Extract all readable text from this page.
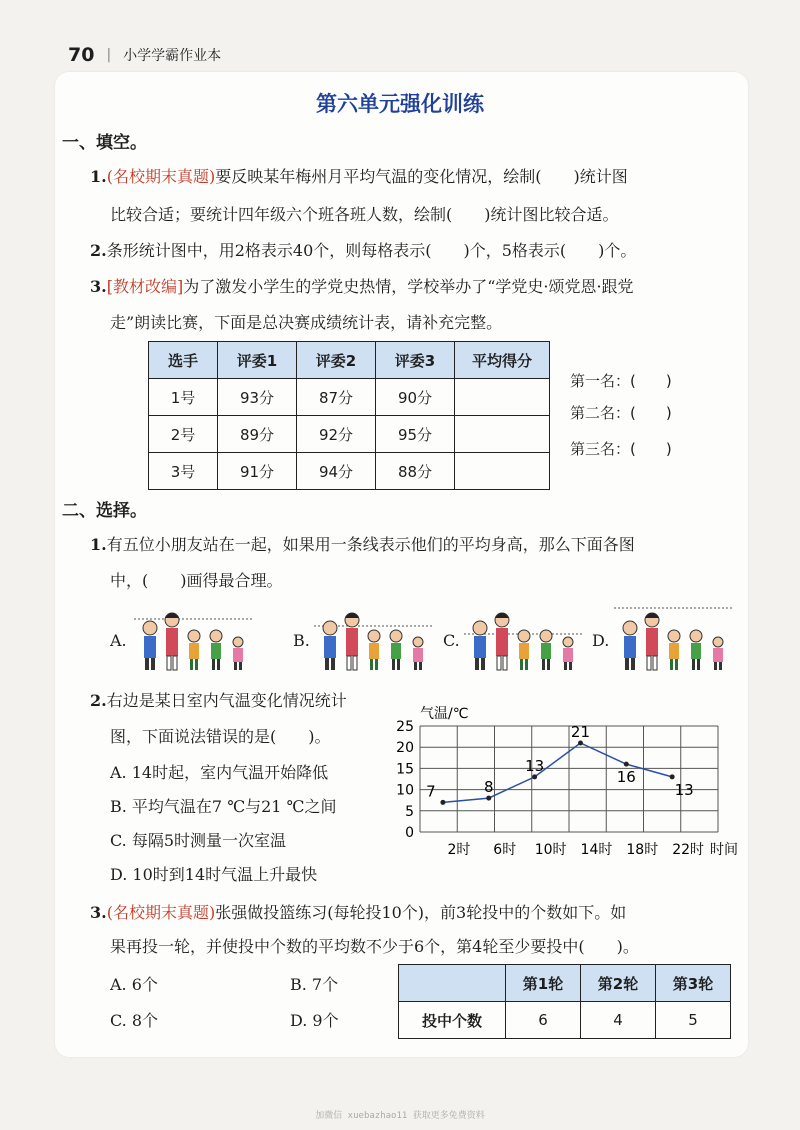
70 | 小学学霸作业本
第六单元强化训练
一、填空。
1.(名校期末真题)要反映某年梅州月平均气温的变化情况，绘制(　　)统计图
比较合适；要统计四年级六个班各班人数，绘制(　　)统计图比较合适。
2.条形统计图中，用2格表示40个，则每格表示(　　)个，5格表示(　　)个。
3.[教材改编]为了激发小学生的学党史热情，学校举办了“学党史·颂党恩·跟党
走”朗读比赛，下面是总决赛成绩统计表，请补充完整。
选手	评委1	评委2	评委3	平均得分
1号	93分	87分	90分	
2号	89分	92分	95分	
3号	91分	94分	88分	
第一名：(　　)
第二名：(　　)
第三名：(　　)
二、选择。
1.有五位小朋友站在一起，如果用一条线表示他们的平均身高，那么下面各图
中，(　　)画得最合理。
A.	B.	C.	D.
2.右边是某日室内气温变化情况统计
图，下面说法错误的是(　　)。
A. 14时起，室内气温开始降低
B. 平均气温在7 ℃与21 ℃之间
C. 每隔5时测量一次室温
D. 10时到14时气温上升最快
0
5
10
15
20
25
2时 6时 10时 14时 18时 22时
气温/℃
时间
7	8
13
21
16
13
3.(名校期末真题)张强做投篮练习(每轮投10个)，前3轮投中的个数如下。如
果再投一轮，并使投中个数的平均数不少于6个，第4轮至少要投中(　　)。
A. 6个	B. 7个
C. 8个	D. 9个
	第1轮	第2轮	第3轮
投中个数	6	4	5
加微信 xuebazhao11 获取更多免费资料
